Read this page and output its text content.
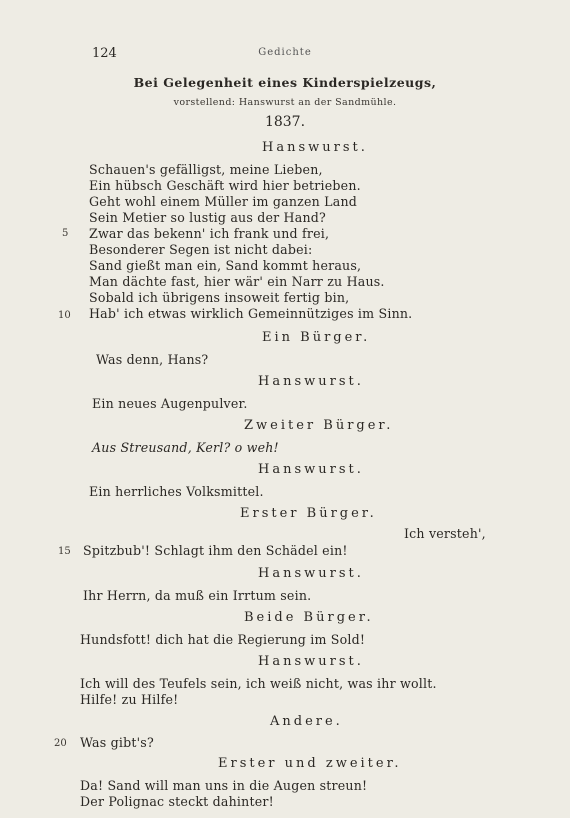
124	Gedichte
Bei Gelegenheit eines Kinderspielzeugs,
vorstellend: Hanswurst an der Sandmühle.
1837.
Hanswurst.
Schauen's gefälligst, meine Lieben,
Ein hübsch Geschäft wird hier betrieben.
Geht wohl einem Müller im ganzen Land
Sein Metier so lustig aus der Hand?
5 Zwar das bekenn' ich frank und frei,
Besonderer Segen ist nicht dabei:
Sand gießt man ein, Sand kommt heraus,
Man dächte fast, hier wär' ein Narr zu Haus.
Sobald ich übrigens insoweit fertig bin,
10 Hab' ich etwas wirklich Gemeinnütziges im Sinn.
Ein Bürger.
Was denn, Hans?
Hanswurst.
Ein neues Augenpulver.
Zweiter Bürger.
Aus Streusand, Kerl? o weh!
Hanswurst.
Ein herrliches Volksmittel.
Erster Bürger.
Ich versteh',
15 Spitzbub'! Schlagt ihm den Schädel ein!
Hanswurst.
Ihr Herrn, da muß ein Irrtum sein.
Beide Bürger.
Hundsfott! dich hat die Regierung im Sold!
Hanswurst.
Ich will des Teufels sein, ich weiß nicht, was ihr wollt.
Hilfe! zu Hilfe!
Andere.
20 Was gibt's?
Erster und zweiter.
Da! Sand will man uns in die Augen streun!
Der Polignac steckt dahinter!
